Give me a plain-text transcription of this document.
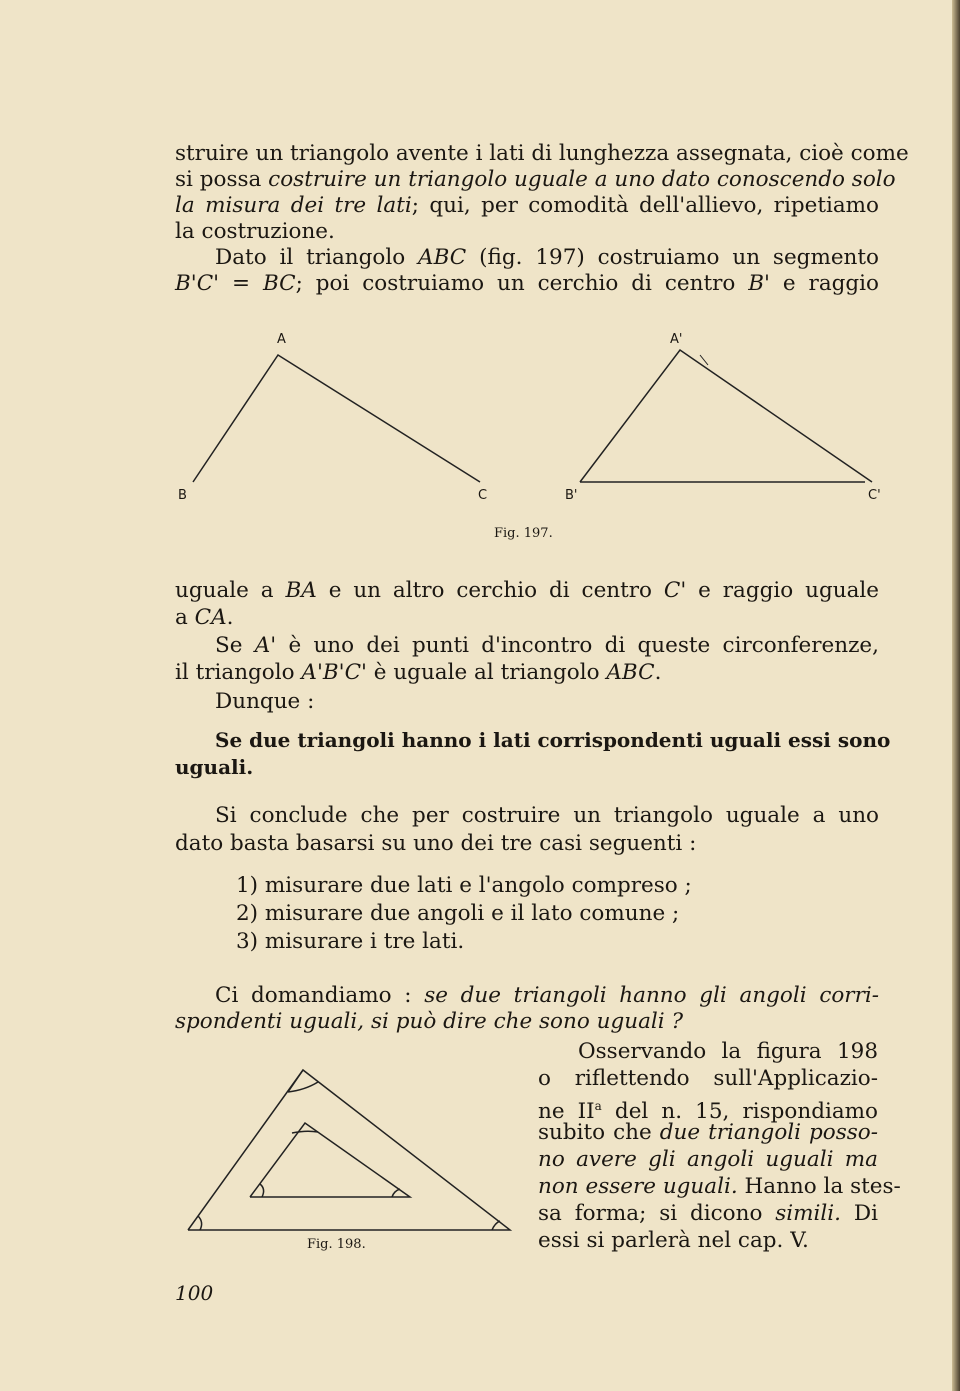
struire un triangolo avente i lati di lunghezza assegnata, cioè come
si possa costruire un triangolo uguale a uno dato conoscendo solo
la misura dei tre lati; qui, per comodità dell'allievo, ripetiamo
la costruzione.
Dato il triangolo ABC (fig. 197) costruiamo un segmento
B'C' = BC; poi costruiamo un cerchio di centro B' e raggio
A
B	C
A'
B'	C'
Fig. 197.
uguale a BA e un altro cerchio di centro C' e raggio uguale
a CA.
Se A' è uno dei punti d'incontro di queste circonferenze,
il triangolo A'B'C' è uguale al triangolo ABC.
Dunque :
Se due triangoli hanno i lati corrispondenti uguali essi sono
uguali.
Si conclude che per costruire un triangolo uguale a uno
dato basta basarsi su uno dei tre casi seguenti :
1) misurare due lati e l'angolo compreso ;
2) misurare due angoli e il lato comune ;
3) misurare i tre lati.
Ci domandiamo : se due triangoli hanno gli angoli corri-
spondenti uguali, si può dire che sono uguali ?
Fig. 198.
Osservando la figura 198
o riflettendo sull'Applicazio-
ne $II^a$ del n. 15, rispondiamo
subito che due triangoli posso-
no avere gli angoli uguali ma
non essere uguali. Hanno la stes-
sa forma; si dicono simili. Di
essi si parlerà nel cap. V.
100
